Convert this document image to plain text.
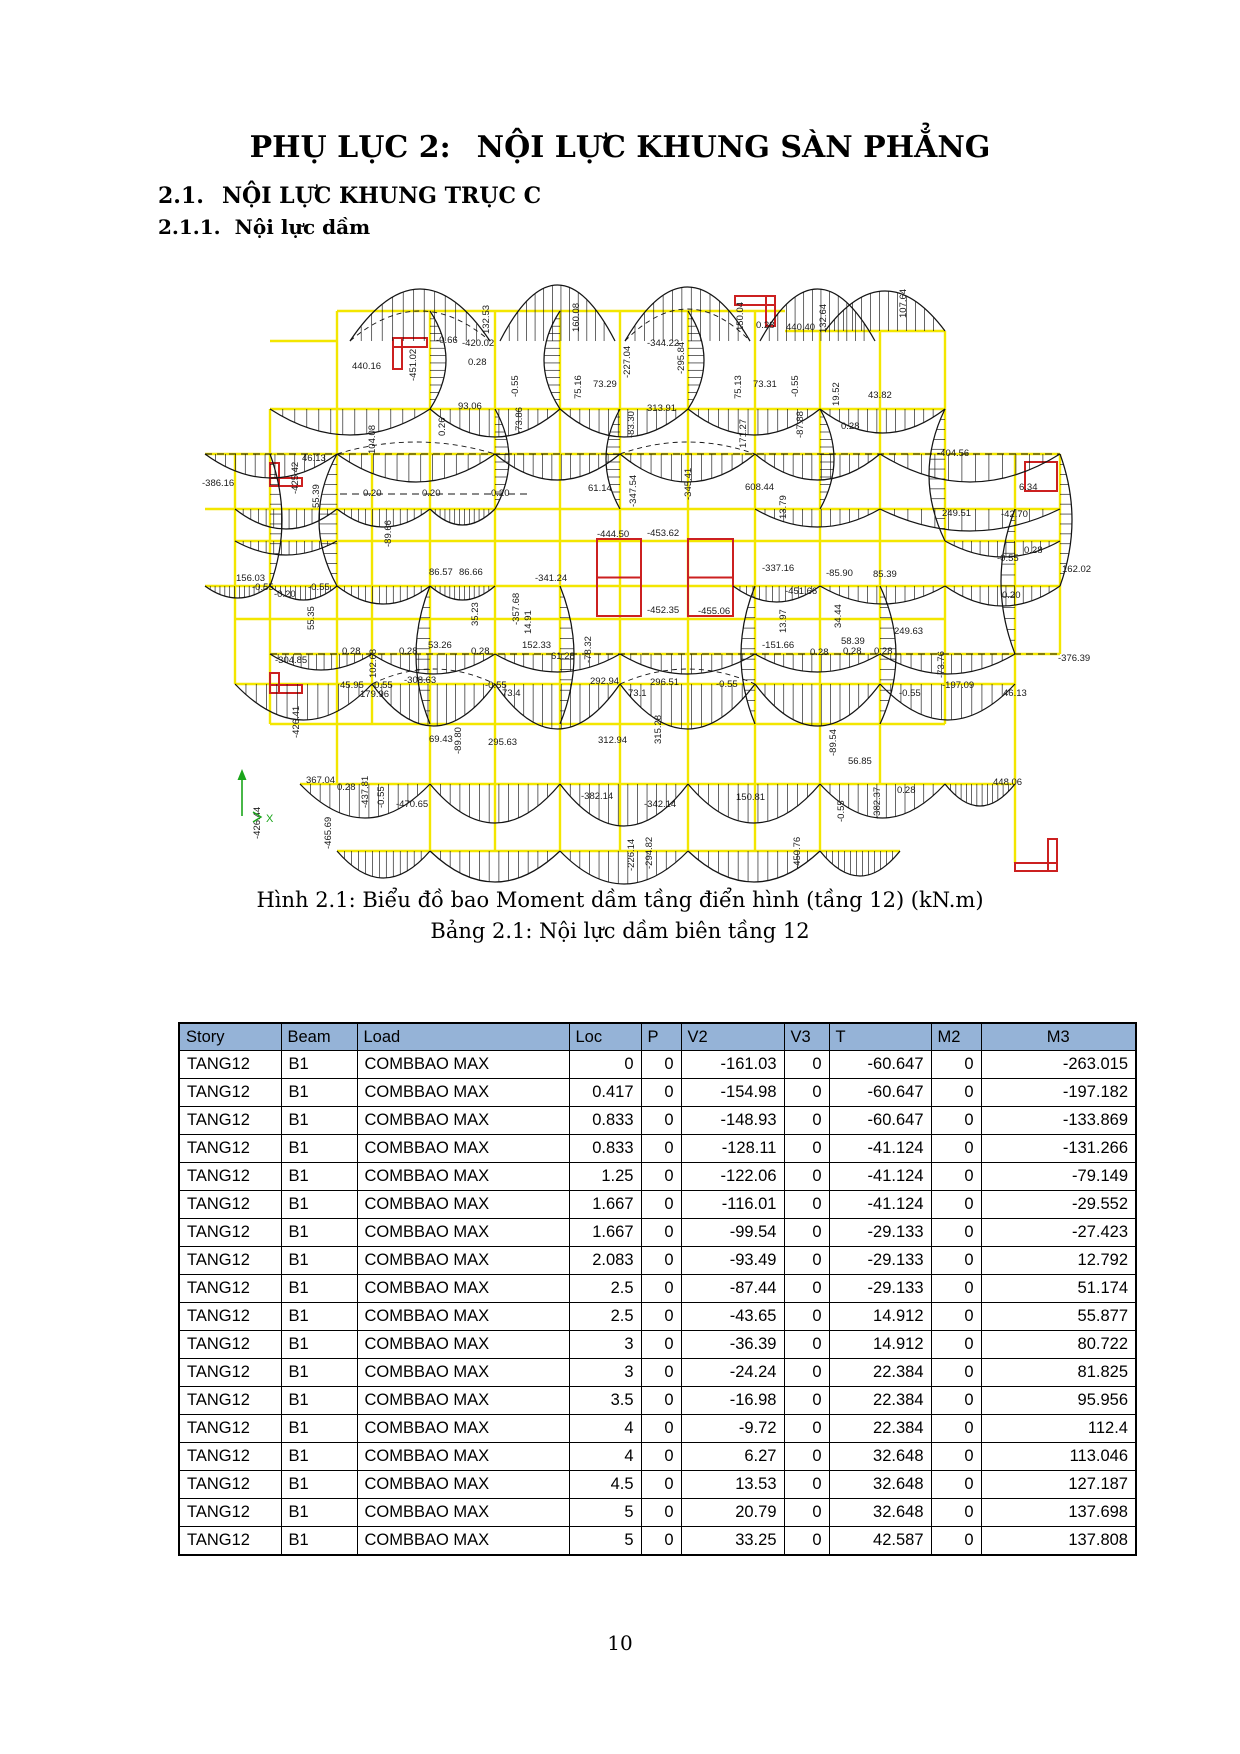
PHỤ LỤC 2: NỘI LỰC KHUNG SÀN PHẲNG
2.1. NỘI LỰC KHUNG TRỤC C
2.1.1. Nội lực dầm
440.16	-451.02
132.53
-0.66 -420.02
0.28
160.08	150.04	132.64
107.64
-344.22
0.28 440.40
-0.55	75.16 73.29
-227.04	-295.84
75.13 73.31 -0.55	19.52	43.82
93.06
0.26	-73.86	-83.30
313.91
171.27	-87.88	0.28
104.08
46.13
-386.16	-425.42
55.39	0.20	0.20	0.20	61.14 -347.54	-345.41	608.44
13.79
-404.56
6.34
249.51	-42.70
0.28
162.02
-0.55
0.20
-444.50 -453.62
-452.35 -455.06
-337.16
-341.24
-451.66
14.91	13.97
-89.66
156.03
-0.55
-0.20
-0.55
55.35
86.57 86.66
-357.68
35.23
-304.85
-426.41
0.28	0.28
53.26
0.28
102.68
152.33
61.28 -78.32	-151.66
0.28 0.28
-0.55
45.95
179.96
-308.63	-0.55
73.4
292.94	296.51
73.1
-0.55
69.43 -89.80	295.63	315.28
312.94
-0.55	46.13
-197.09
34.44
-85.90 85.39
249.63
-73.76	-376.39
58.39
0.28
-89.54
56.85
-450.76
-0.55	-382.37 0.28
448.06
150.81
367.04
0.28 -437.81 -0.55 -470.65
-465.69
-382.14
-342.14
-294.82
-226.14
-426.44 X
Hình 2.1: Biểu đồ bao Moment dầm tầng điển hình (tầng 12) (kN.m)
Bảng 2.1: Nội lực dầm biên tầng 12
Story	Beam	Load	Loc	P	V2	V3	T	M2	M3
TANG12	B1	COMBBAO MAX	0	0	-161.03	0	-60.647	0	-263.015
TANG12	B1	COMBBAO MAX	0.417	0	-154.98	0	-60.647	0	-197.182
TANG12	B1	COMBBAO MAX	0.833	0	-148.93	0	-60.647	0	-133.869
TANG12	B1	COMBBAO MAX	0.833	0	-128.11	0	-41.124	0	-131.266
TANG12	B1	COMBBAO MAX	1.25	0	-122.06	0	-41.124	0	-79.149
TANG12	B1	COMBBAO MAX	1.667	0	-116.01	0	-41.124	0	-29.552
TANG12	B1	COMBBAO MAX	1.667	0	-99.54	0	-29.133	0	-27.423
TANG12	B1	COMBBAO MAX	2.083	0	-93.49	0	-29.133	0	12.792
TANG12	B1	COMBBAO MAX	2.5	0	-87.44	0	-29.133	0	51.174
TANG12	B1	COMBBAO MAX	2.5	0	-43.65	0	14.912	0	55.877
TANG12	B1	COMBBAO MAX	3	0	-36.39	0	14.912	0	80.722
TANG12	B1	COMBBAO MAX	3	0	-24.24	0	22.384	0	81.825
TANG12	B1	COMBBAO MAX	3.5	0	-16.98	0	22.384	0	95.956
TANG12	B1	COMBBAO MAX	4	0	-9.72	0	22.384	0	112.4
TANG12	B1	COMBBAO MAX	4	0	6.27	0	32.648	0	113.046
TANG12	B1	COMBBAO MAX	4.5	0	13.53	0	32.648	0	127.187
TANG12	B1	COMBBAO MAX	5	0	20.79	0	32.648	0	137.698
TANG12	B1	COMBBAO MAX	5	0	33.25	0	42.587	0	137.808
10
